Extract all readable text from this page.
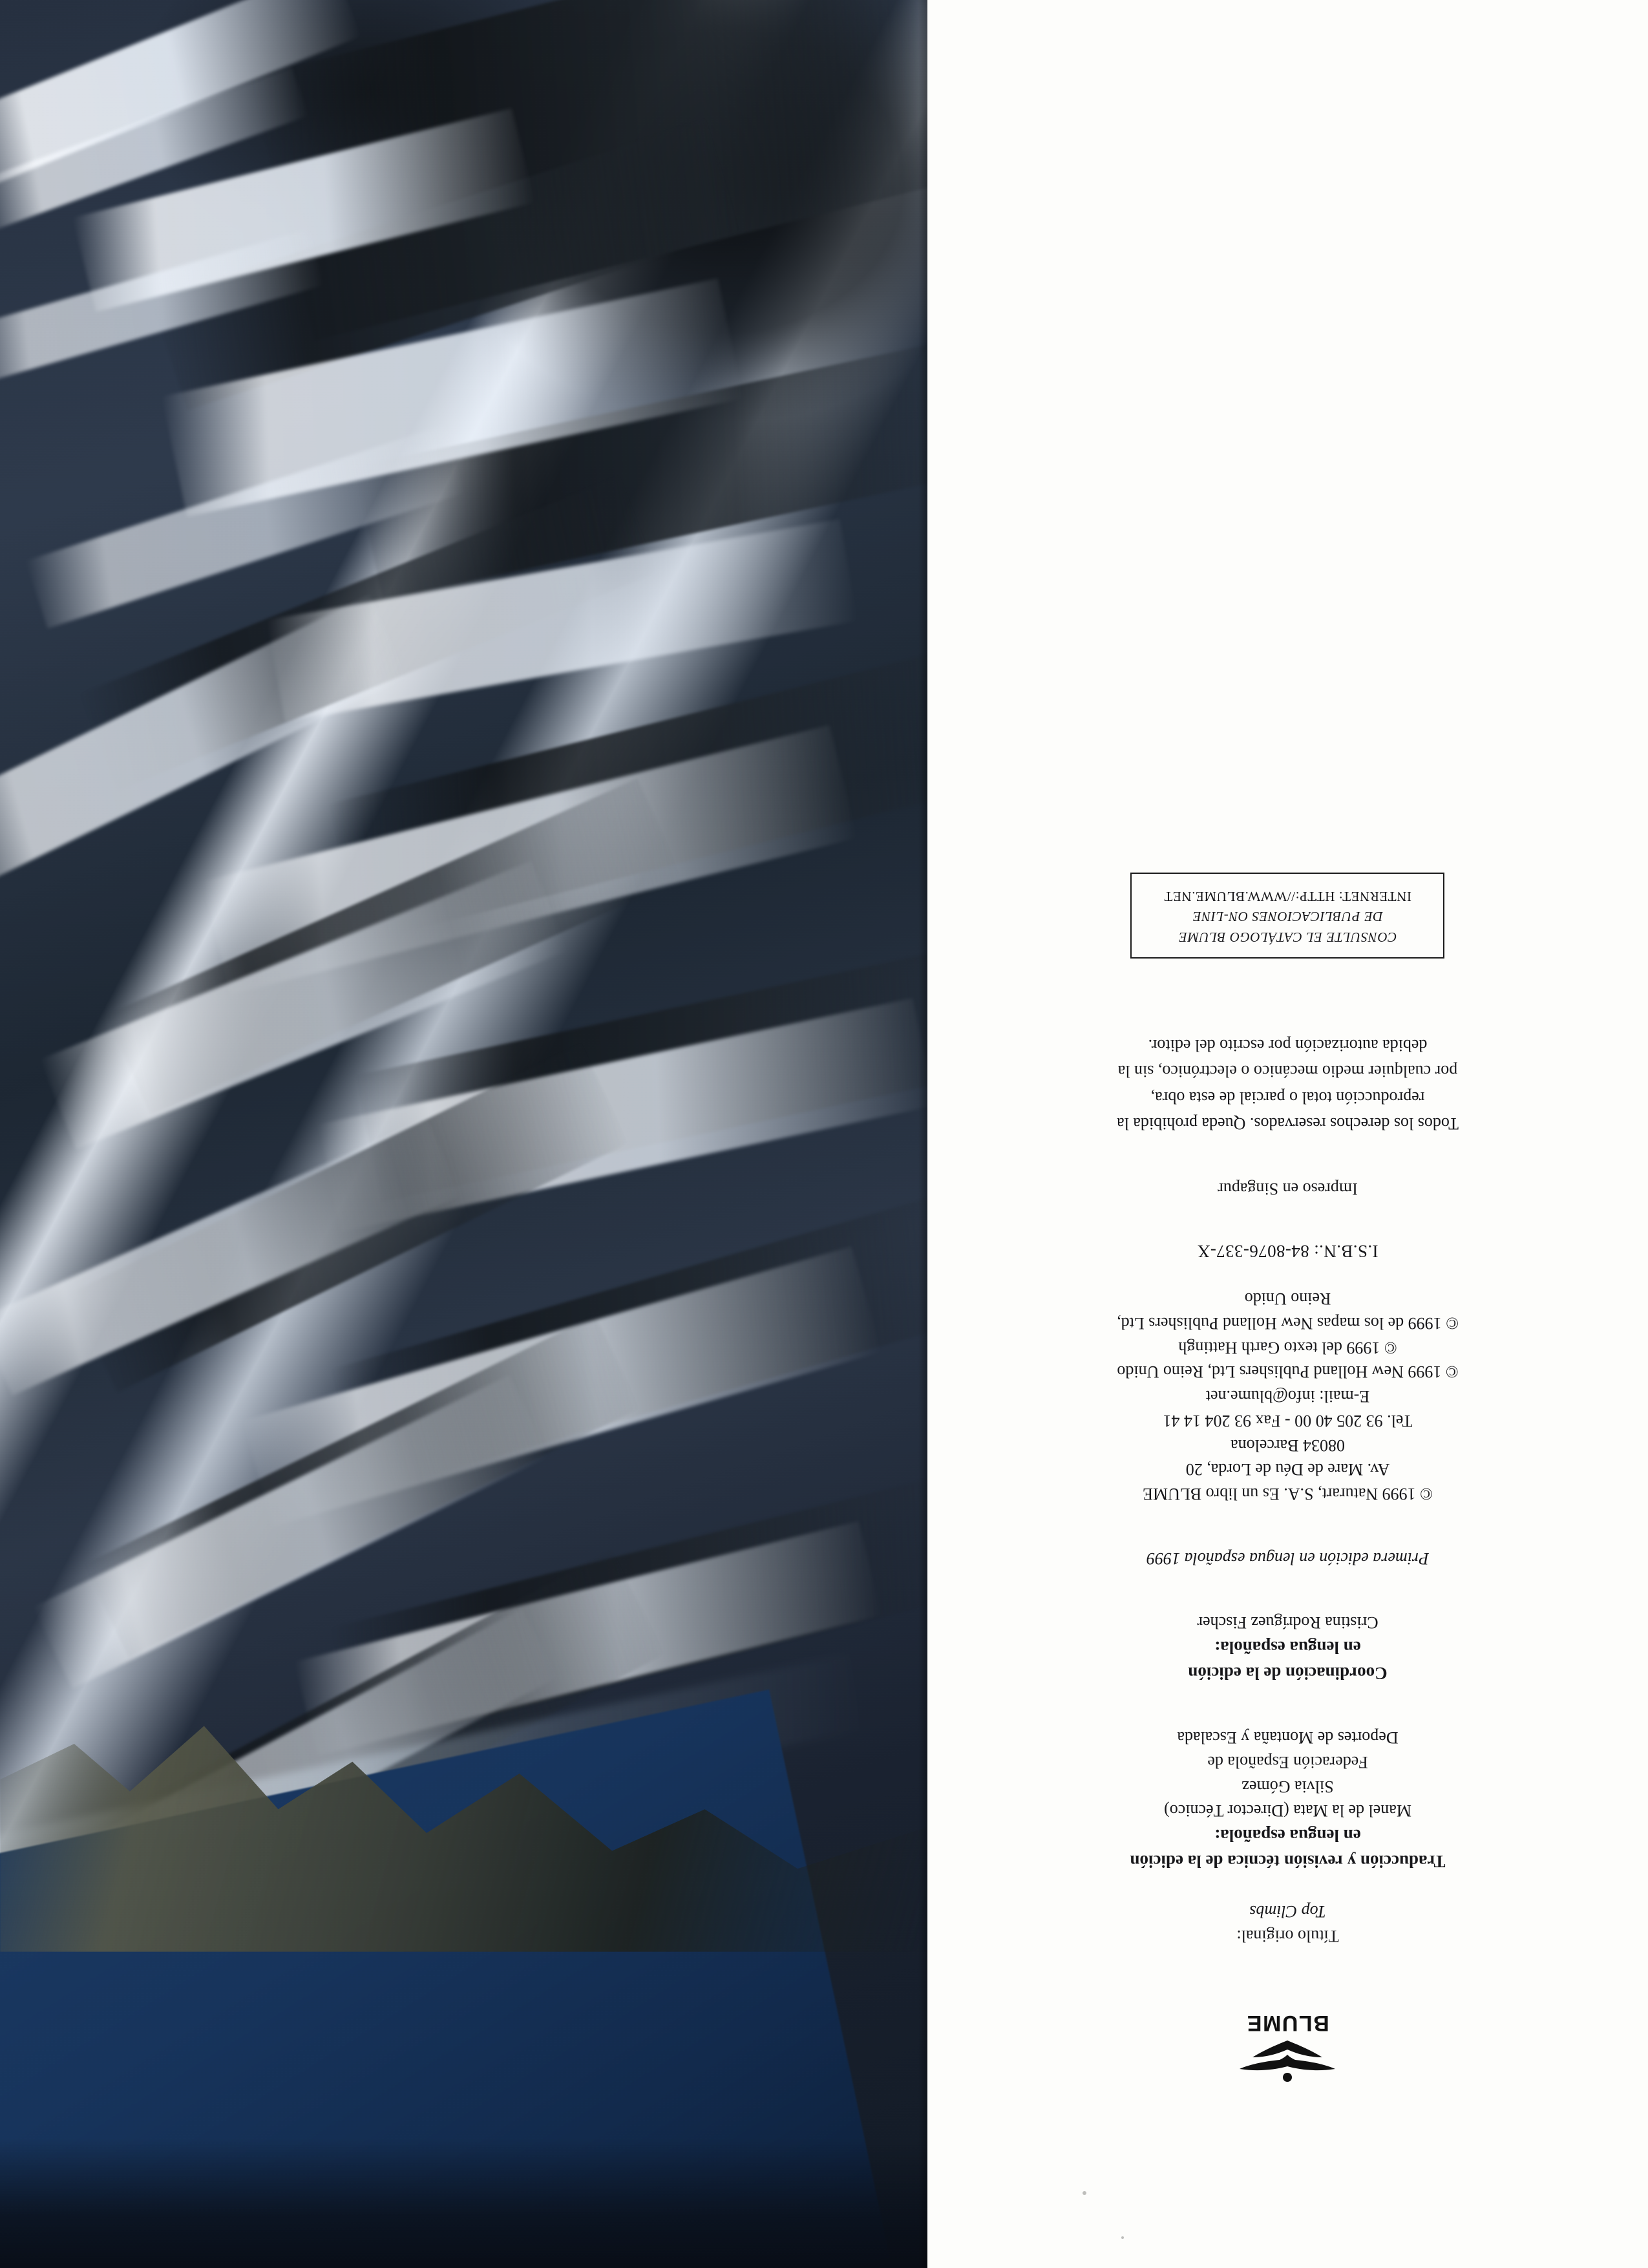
BLUME
Título original:
Top Climbs
Traducción y revisión técnica de la edición
en lengua española:
Manel de la Mata (Director Técnico)
Silvia Gómez
Federación Española de
Deportes de Montaña y Escalada
Coordinación de la edición
en lengua española:
Cristina Rodríguez Fischer
Primera edición en lengua española 1999
© 1999 Naturart, S.A. Es un libro BLUME
Av. Mare de Déu de Lorda, 20
08034 Barcelona
Tel. 93 205 40 00 - Fax 93 204 14 41
E-mail: info@blume.net
© 1999 New Holland Publishers Ltd, Reino Unido
© 1999 del texto Garth Hattingh
© 1999 de los mapas New Holland Publishers Ltd,
Reino Unido
I.S.B.N.: 84-8076-337-X
Impreso en Singapur
Todos los derechos reservados. Queda prohibida la
reproducción total o parcial de esta obra,
por cualquier medio mecánico o electrónico, sin la
debida autorización por escrito del editor.
CONSULTE EL CATÁLOGO BLUME
DE PUBLICACIONES ON-LINE
INTERNET: HTTP://WWW.BLUME.NET
